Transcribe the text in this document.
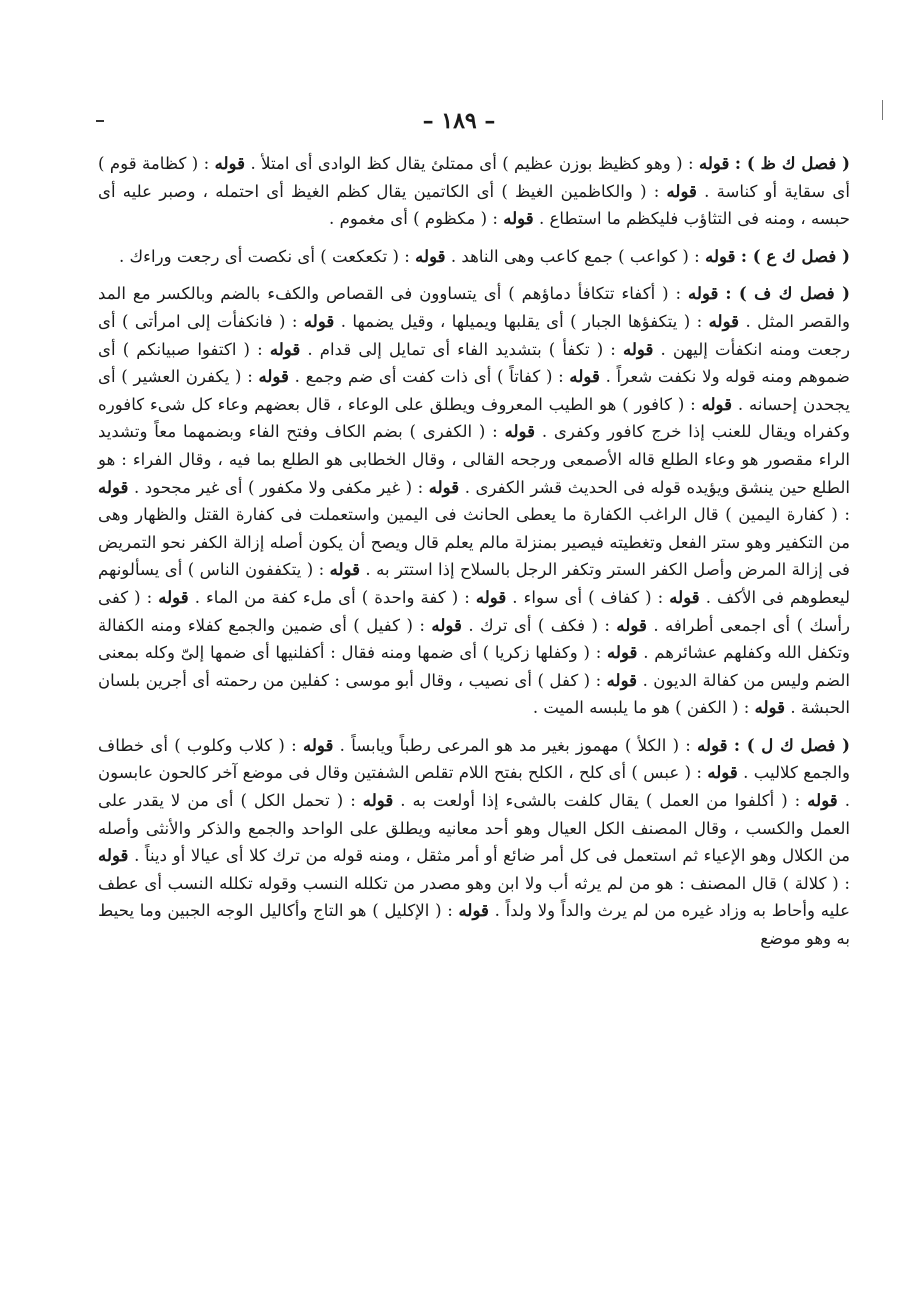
– ١٨٩ –

( فصل ك ظ ) : قوله : ( وهو كظيظ بوزن عظيم ) أى ممتلئ يقال كظ الوادى أى امتلأ . قوله : ( كظامة قوم ) أى سقاية أو كناسة . قوله : ( والكاظمين الغيظ ) أى الكاتمين يقال كظم الغيظ أى احتمله ، وصبر عليه أى حبسه ، ومنه فى التثاؤب فليكظم ما استطاع . قوله : ( مكظوم ) أى مغموم .

( فصل ك ع ) : قوله : ( كواعب ) جمع كاعب وهى الناهد . قوله : ( تكعكعت ) أى نكصت أى رجعت وراءك .

( فصل ك ف ) : قوله : ( أكفاء تتكافأ دماؤهم ) أى يتساوون فى القصاص والكفء بالضم وبالكسر مع المد والقصر المثل . قوله : ( يتكفؤها الجبار ) أى يقلبها ويميلها ، وقيل يضمها . قوله : ( فانكفأت إلى امرأتى ) أى رجعت ومنه انكفأت إليهن . قوله : ( تكفأ ) بتشديد الفاء أى تمايل إلى قدام . قوله : ( اكتفوا صبيانكم ) أى ضموهم ومنه قوله ولا نكفت شعراً . قوله : ( كفاتاً ) أى ذات كفت أى ضم وجمع . قوله : ( يكفرن العشير ) أى يجحدن إحسانه . قوله : ( كافور ) هو الطيب المعروف ويطلق على الوعاء ، قال بعضهم وعاء كل شىء كافوره وكفراه ويقال للعنب إذا خرج كافور وكفرى . قوله : ( الكفرى ) بضم الكاف وفتح الفاء وبضمهما معاً وتشديد الراء مقصور هو وعاء الطلع قاله الأصمعى ورجحه القالى ، وقال الخطابى هو الطلع بما فيه ، وقال الفراء : هو الطلع حين ينشق ويؤيده قوله فى الحديث قشر الكفرى . قوله : ( غير مكفى ولا مكفور ) أى غير مجحود . قوله : ( كفارة اليمين ) قال الراغب الكفارة ما يعطى الحانث فى اليمين واستعملت فى كفارة القتل والظهار وهى من التكفير وهو ستر الفعل وتغطيته فيصير بمنزلة مالم يعلم قال ويصح أن يكون أصله إزالة الكفر نحو التمريض فى إزالة المرض وأصل الكفر الستر وتكفر الرجل بالسلاح إذا استتر به . قوله : ( يتكففون الناس ) أى يسألونهم ليعطوهم فى الأكف . قوله : ( كفاف ) أى سواء . قوله : ( كفة واحدة ) أى ملء كفة من الماء . قوله : ( كفى رأسك ) أى اجمعى أطرافه . قوله : ( فكف ) أى ترك . قوله : ( كفيل ) أى ضمين والجمع كفلاء ومنه الكفالة وتكفل الله وكفلهم عشائرهم . قوله : ( وكفلها زكريا ) أى ضمها ومنه فقال : أكفلنيها أى ضمها إلىّ وكله بمعنى الضم وليس من كفالة الديون . قوله : ( كفل ) أى نصيب ، وقال أبو موسى : كفلين من رحمته أى أجرين بلسان الحبشة . قوله : ( الكفن ) هو ما يلبسه الميت .

( فصل ك ل ) : قوله : ( الكلأ ) مهموز بغير مد هو المرعى رطباً ويابساً . قوله : ( كلاب وكلوب ) أى خطاف والجمع كلاليب . قوله : ( عبس ) أى كلح ، الكلح بفتح اللام تقلص الشفتين وقال فى موضع آخر كالحون عابسون . قوله : ( أكلفوا من العمل ) يقال كلفت بالشىء إذا أولعت به . قوله : ( تحمل الكل ) أى من لا يقدر على العمل والكسب ، وقال المصنف الكل العيال وهو أحد معانيه ويطلق على الواحد والجمع والذكر والأنثى وأصله من الكلال وهو الإعياء ثم استعمل فى كل أمر ضائع أو أمر مثقل ، ومنه قوله من ترك كلا أى عيالا أو ديناً . قوله : ( كلالة ) قال المصنف : هو من لم يرثه أب ولا ابن وهو مصدر من تكلله النسب وقوله تكلله النسب أى عطف عليه وأحاط به وزاد غيره من لم يرث والداً ولا ولداً . قوله : ( الإكليل ) هو التاج وأكاليل الوجه الجبين وما يحيط به وهو موضع
